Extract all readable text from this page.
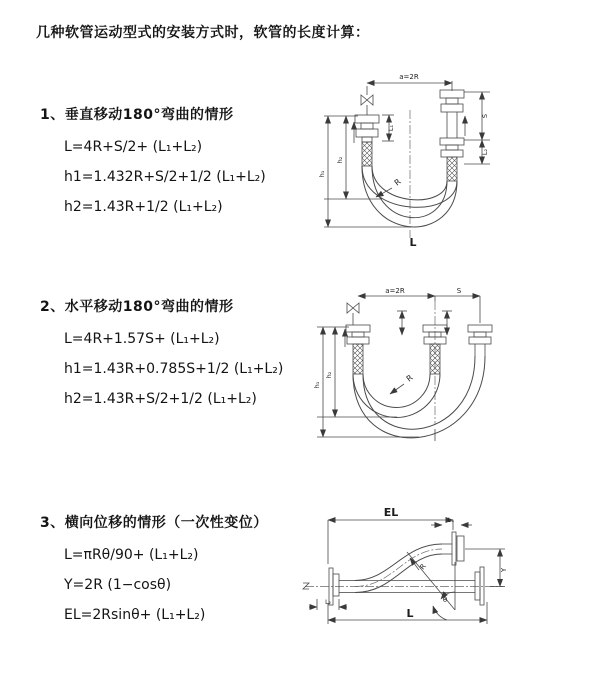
几种软管运动型式的安装方式时，软管的长度计算：
1、垂直移动180°弯曲的情形
L=4R+S/2+ (L₁+L₂)
h1=1.432R+S/2+1/2 (L₁+L₂)
h2=1.43R+1/2 (L₁+L₂)
a=2R
L₁
S
L₂
h₁
h₂
R
L
2、水平移动180°弯曲的情形
L=4R+1.57S+ (L₁+L₂)
h1=1.43R+0.785S+1/2 (L₁+L₂)
h2=1.43R+S/2+1/2 (L₁+L₂)
a=2R	S
h₁
h₂	R
3、横向位移的情形（一次性变位）
L=πRθ/90+ (L₁+L₂)
Y=2R (1−cosθ)
EL=2Rsinθ+ (L₁+L₂)
EL
L₁
Y
R
θ
L₂
L
